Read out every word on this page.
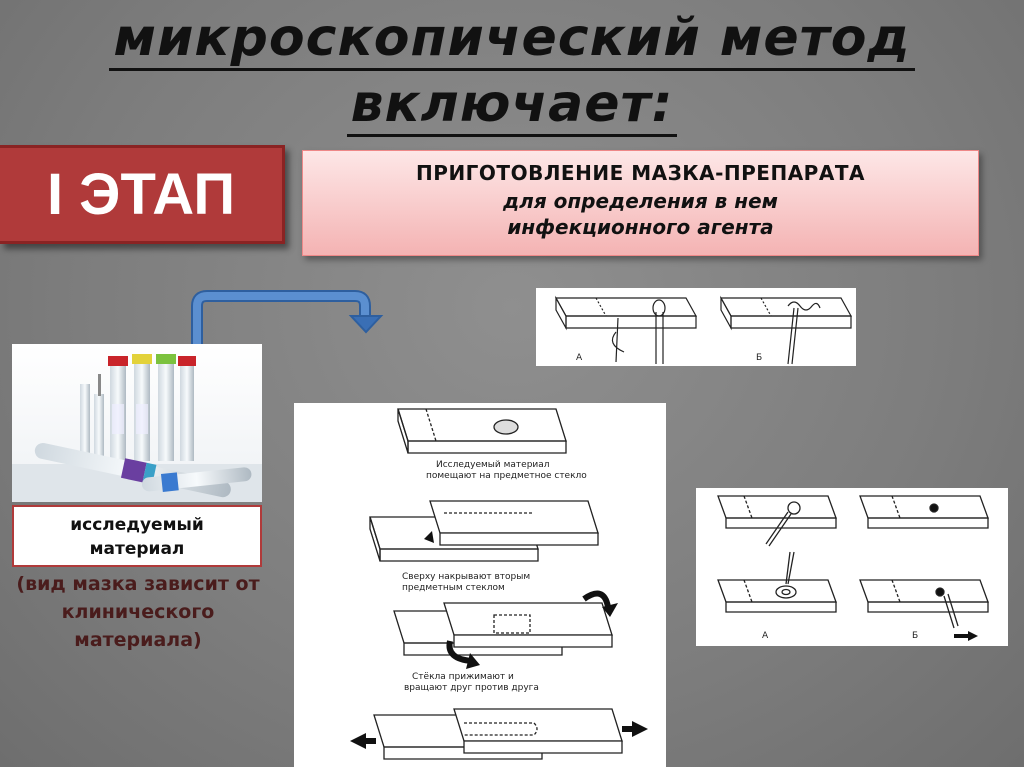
микроскопический метод
включает:
I ЭТАП	ПРИГОТОВЛЕНИЕ МАЗКА-ПРЕПАРАТА
для определения в нем
инфекционного агента
исследуемый
материал
(вид мазка зависит от
клинического
материала)
А	Б
Исследуемый материал
помещают на предметное стекло
Сверху накрывают вторым
предметным стеклом
Стёкла прижимают и
вращают друг против друга
А	Б
